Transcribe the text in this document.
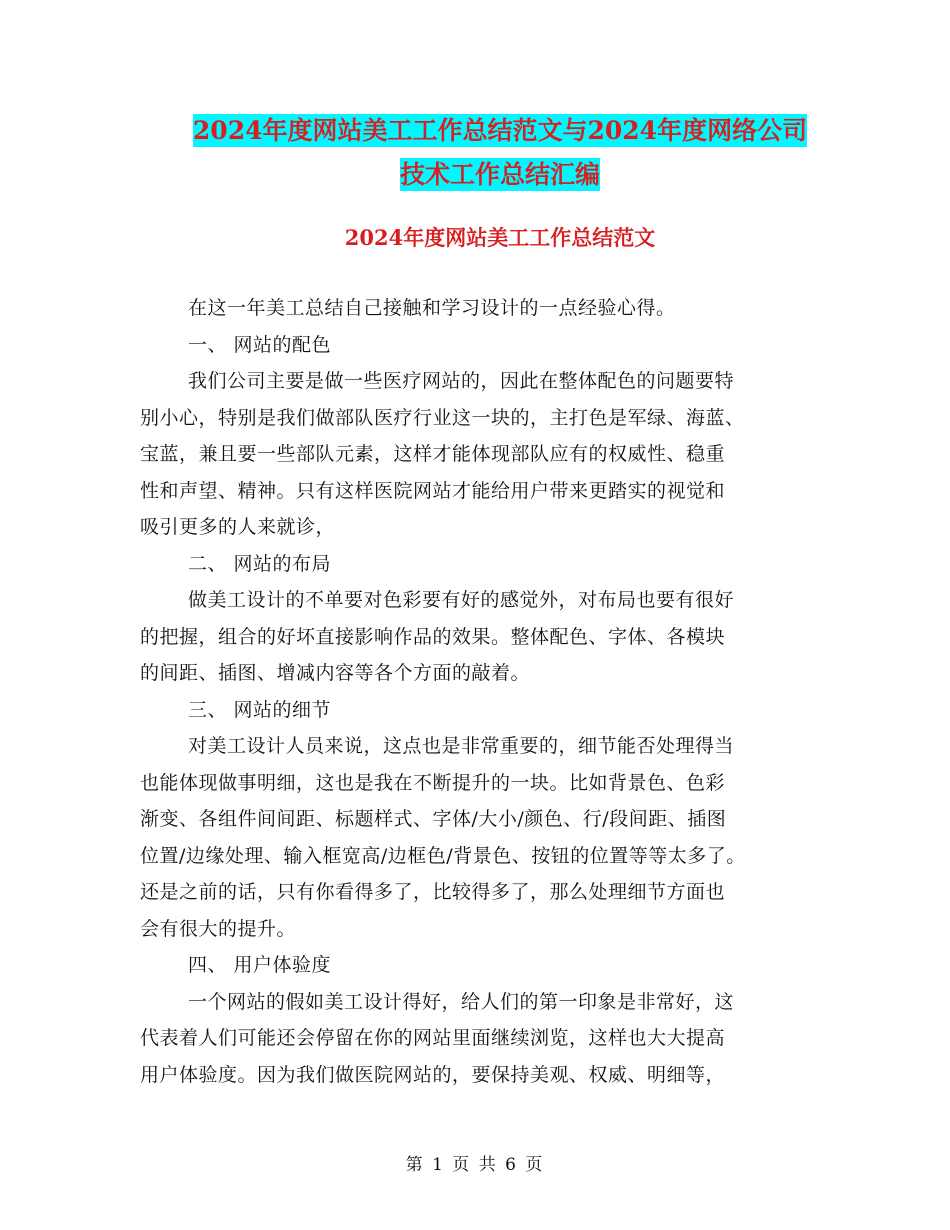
2024年度网站美工工作总结范文与2024年度网络公司
技术工作总结汇编
2024年度网站美工工作总结范文

在这一年美工总结自己接触和学习设计的一点经验心得。

一、 网站的配色

我们公司主要是做一些医疗网站的，因此在整体配色的问题要特
别小心，特别是我们做部队医疗行业这一块的，主打色是军绿、海蓝、
宝蓝，兼且要一些部队元素，这样才能体现部队应有的权威性、稳重
性和声望、精神。只有这样医院网站才能给用户带来更踏实的视觉和
吸引更多的人来就诊，

二、 网站的布局

做美工设计的不单要对色彩要有好的感觉外，对布局也要有很好
的把握，组合的好坏直接影响作品的效果。整体配色、字体、各模块
的间距、插图、增减内容等各个方面的敲着。

三、 网站的细节

对美工设计人员来说，这点也是非常重要的，细节能否处理得当
也能体现做事明细，这也是我在不断提升的一块。比如背景色、色彩
渐变、各组件间间距、标题样式、字体/大小/颜色、行/段间距、插图
位置/边缘处理、输入框宽高/边框色/背景色、按钮的位置等等太多了。
还是之前的话，只有你看得多了，比较得多了，那么处理细节方面也
会有很大的提升。

四、 用户体验度

一个网站的假如美工设计得好，给人们的第一印象是非常好，这
代表着人们可能还会停留在你的网站里面继续浏览，这样也大大提高
用户体验度。因为我们做医院网站的，要保持美观、权威、明细等，

第 1 页 共 6 页
